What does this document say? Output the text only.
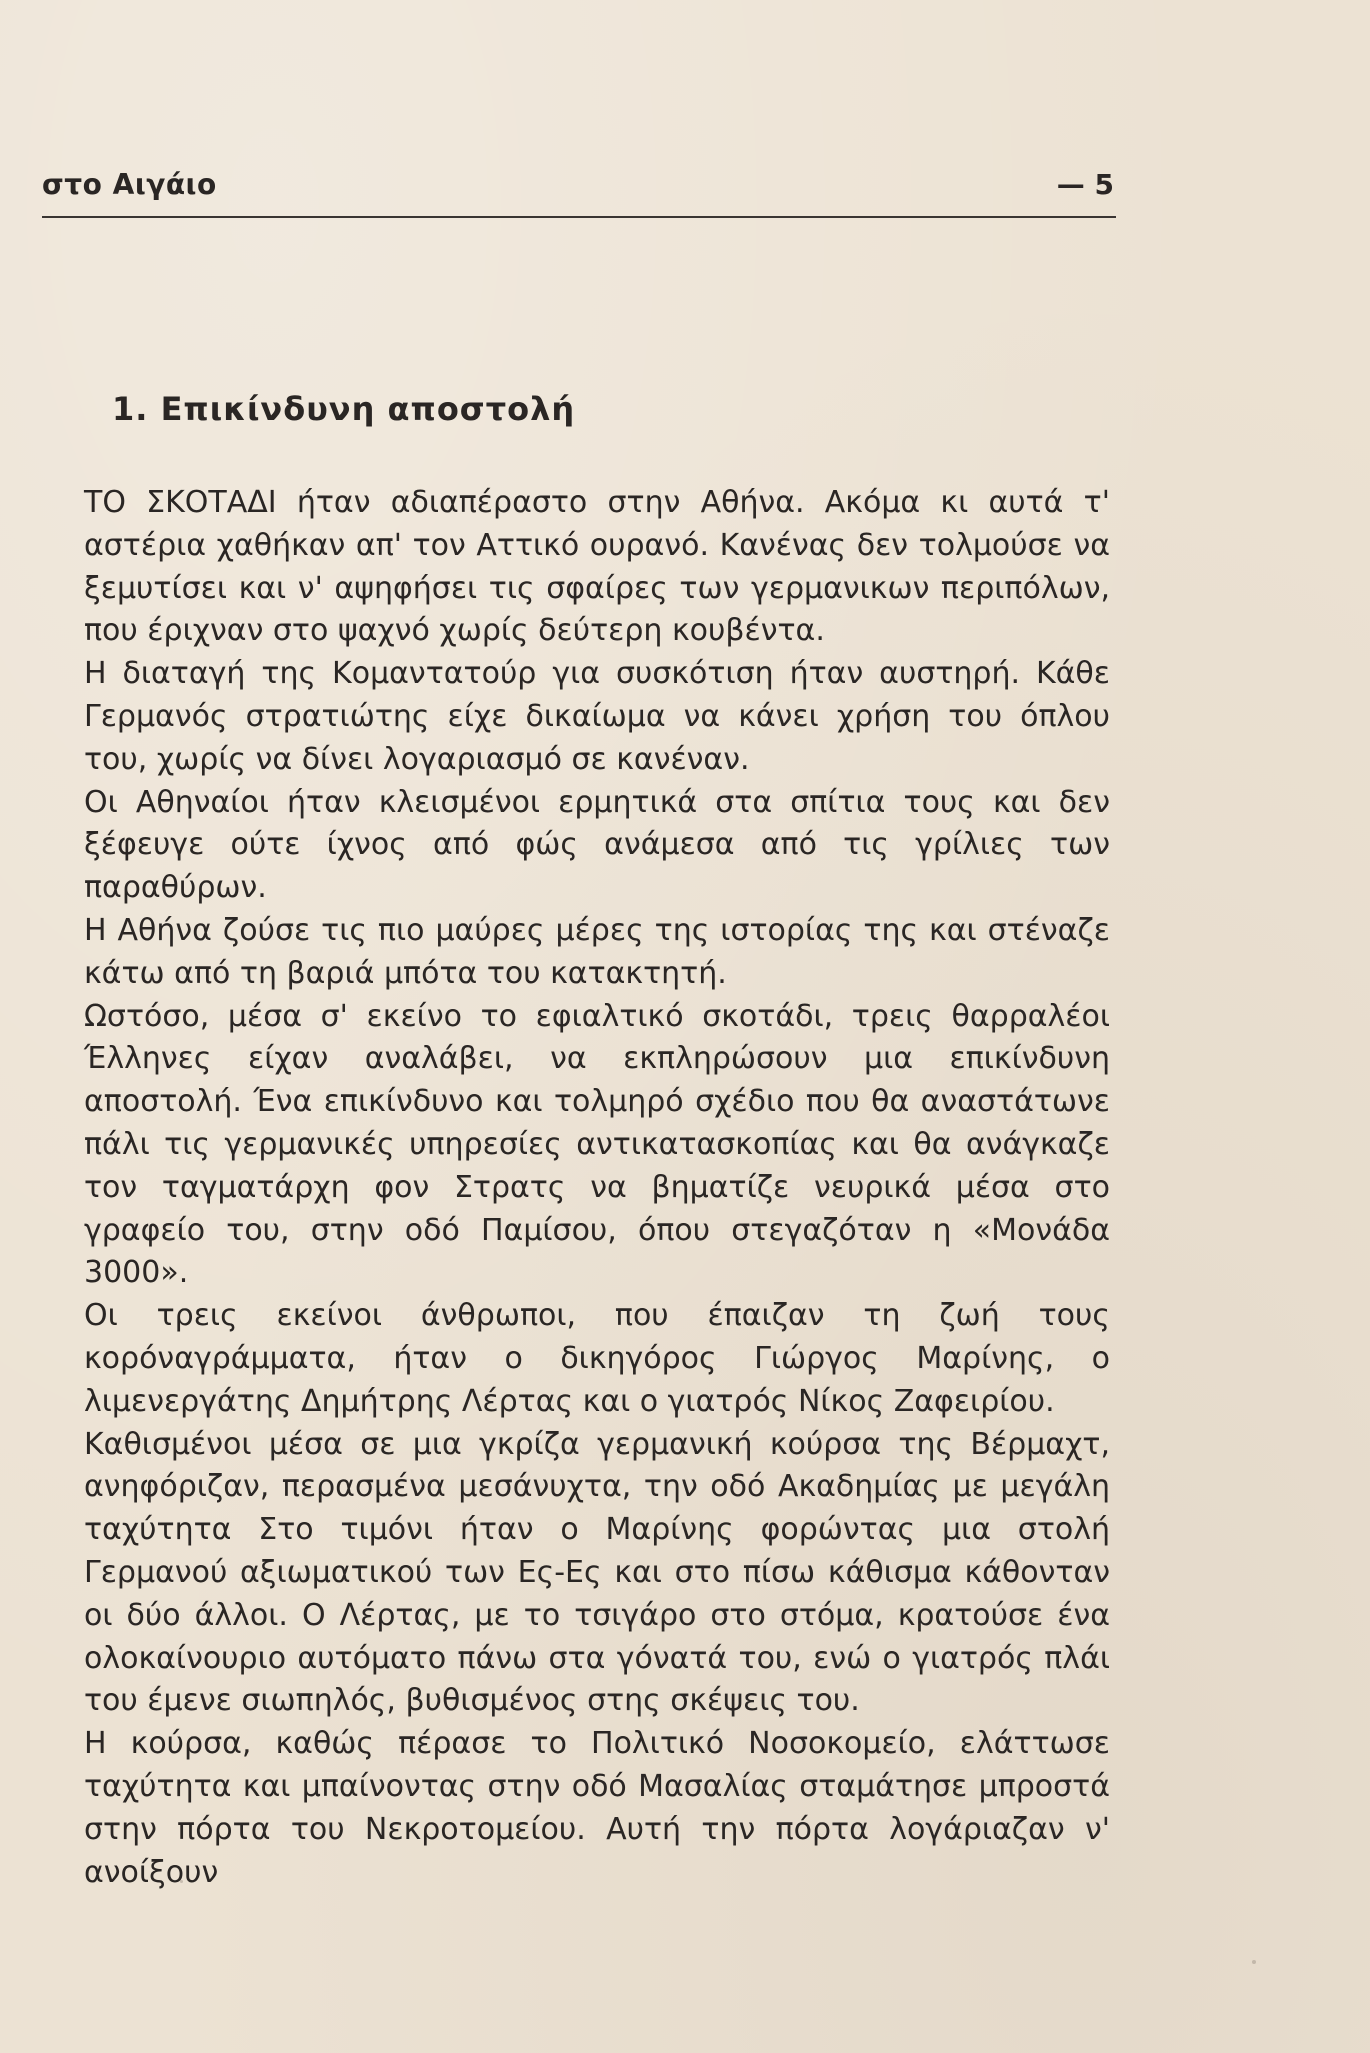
στο Αιγάιο	— 5
1. Επικίνδυνη αποστολή

ΤΟ ΣΚΟΤΑΔΙ ήταν αδιαπέραστο στην Αθήνα. Ακόμα κι αυτά τ' αστέρια χαθήκαν απ' τον Αττικό ουρανό. Κανένας δεν τολμούσε να ξεμυτίσει και ν' αψηφήσει τις σφαίρες των γερμανικων περιπόλων, που έριχναν στο ψαχνό χωρίς δεύτερη κουβέντα.

Η διαταγή της Κομαντατούρ για συσκότιση ήταν αυστηρή. Κάθε Γερμανός στρατιώτης είχε δικαίωμα να κάνει χρήση του όπλου του, χωρίς να δίνει λογαριασμό σε κανέναν.

Οι Αθηναίοι ήταν κλεισμένοι ερμητικά στα σπίτια τους και δεν ξέφευγε ούτε ίχνος από φώς ανάμεσα από τις γρίλιες των παραθύρων.

Η Αθήνα ζούσε τις πιο μαύρες μέρες της ιστορίας της και στέναζε κάτω από τη βαριά μπότα του κατακτητή.

Ωστόσο, μέσα σ' εκείνο το εφιαλτικό σκοτάδι, τρεις θαρραλέοι Έλληνες είχαν αναλάβει, να εκπληρώσουν μια επικίνδυνη αποστολή. Ένα επικίνδυνο και τολμηρό σχέδιο που θα αναστάτωνε πάλι τις γερμανικές υπηρεσίες αντικατασκοπίας και θα ανάγκαζε τον ταγματάρχη φον Στρατς να βηματίζε νευρικά μέσα στο γραφείο του, στην οδό Παμίσου, όπου στεγαζόταν η «Μονάδα 3000».

Οι τρεις εκείνοι άνθρωποι, που έπαιζαν τη ζωή τους κορόναγράμματα, ήταν ο δικηγόρος Γιώργος Μαρίνης, ο λιμενεργάτης Δημήτρης Λέρτας και ο γιατρός Νίκος Ζαφειρίου.

Καθισμένοι μέσα σε μια γκρίζα γερμανική κούρσα της Βέρμαχτ, ανηφόριζαν, περασμένα μεσάνυχτα, την οδό Ακαδημίας με μεγάλη ταχύτητα Στο τιμόνι ήταν ο Μαρίνης φορώντας μια στολή Γερμανού αξιωματικού των Ες-Ες και στο πίσω κάθισμα κάθονταν οι δύο άλλοι. Ο Λέρτας, με το τσιγάρο στο στόμα, κρατούσε ένα ολοκαίνουριο αυτόματο πάνω στα γόνατά του, ενώ ο γιατρός πλάι του έμενε σιωπηλός, βυθισμένος στης σκέψεις του.

Η κούρσα, καθώς πέρασε το Πολιτικό Νοσοκομείο, ελάττωσε ταχύτητα και μπαίνοντας στην οδό Μασαλίας σταμάτησε μπροστά στην πόρτα του Νεκροτομείου. Αυτή την πόρτα λογάριαζαν ν' ανοίξουν
